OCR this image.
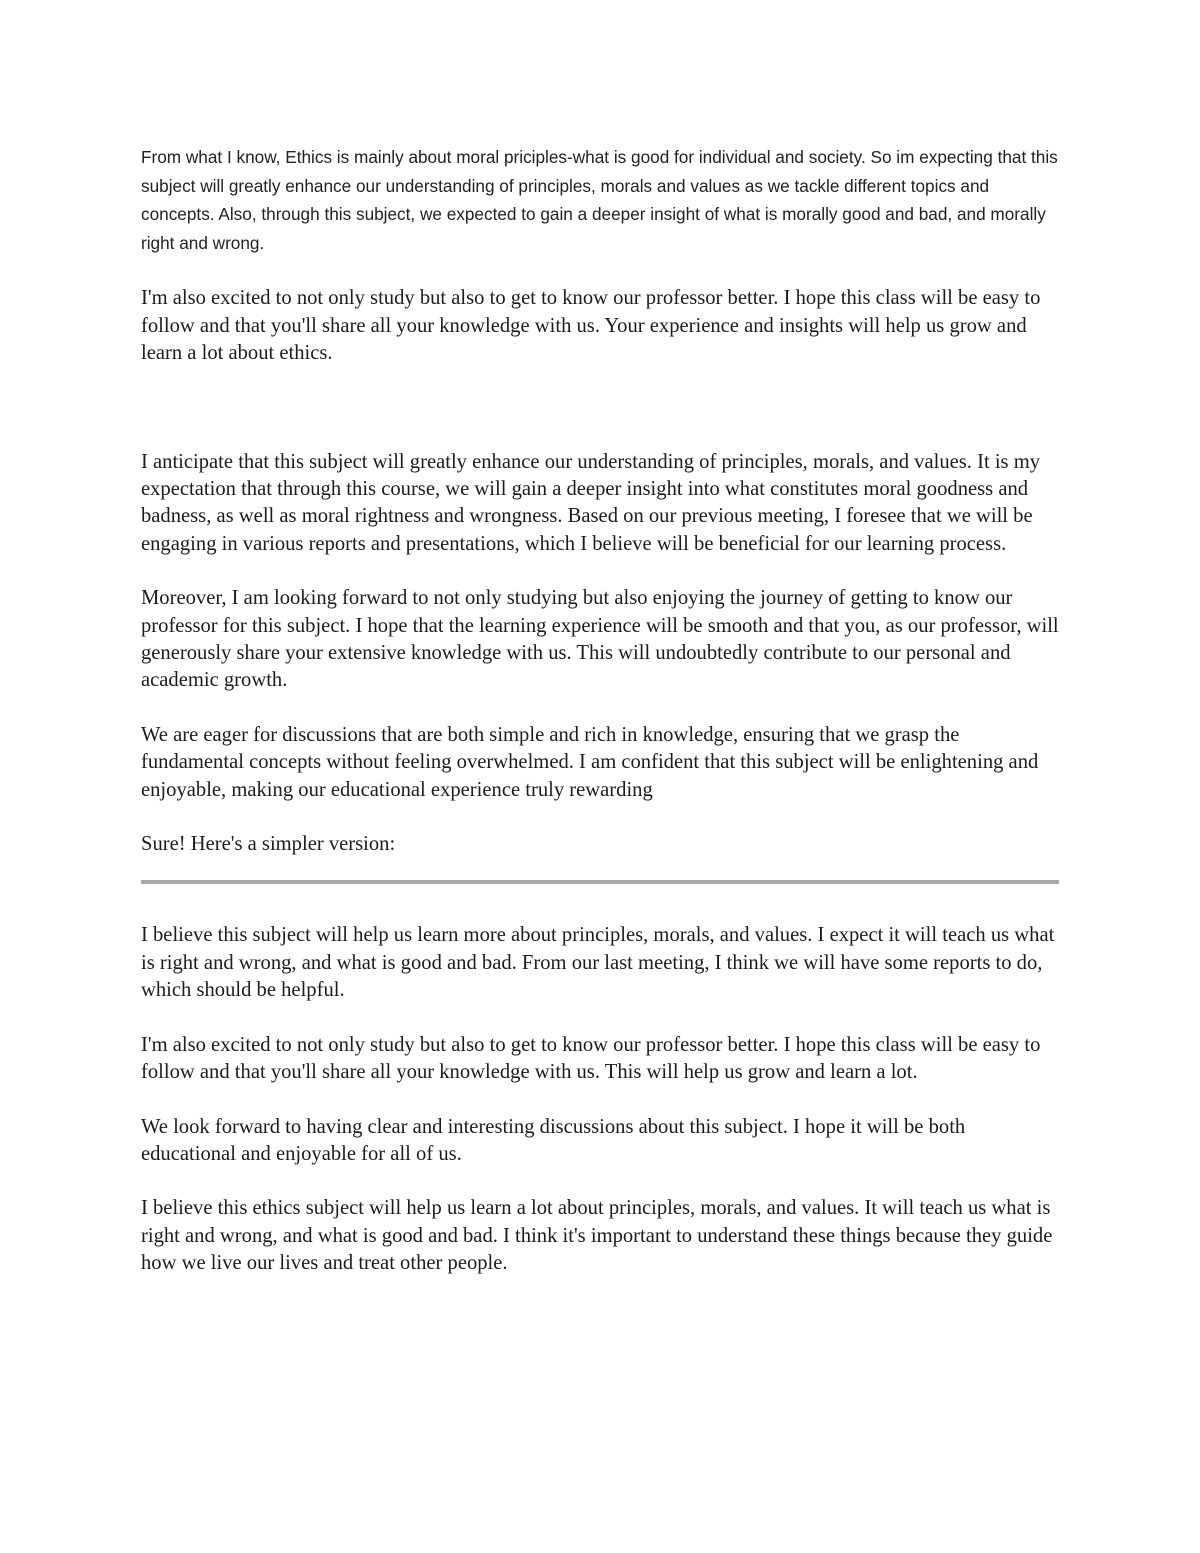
From what I know, Ethics is mainly about moral priciples-what is good for individual and society. So im expecting that this subject will greatly enhance our understanding of principles, morals and values as we tackle different topics and concepts. Also, through this subject, we expected to gain a deeper insight of what is morally good and bad, and morally right and wrong.

I'm also excited to not only study but also to get to know our professor better. I hope this class will be easy to follow and that you'll share all your knowledge with us. Your experience and insights will help us grow and learn a lot about ethics.

I anticipate that this subject will greatly enhance our understanding of principles, morals, and values. It is my expectation that through this course, we will gain a deeper insight into what constitutes moral goodness and badness, as well as moral rightness and wrongness. Based on our previous meeting, I foresee that we will be engaging in various reports and presentations, which I believe will be beneficial for our learning process.

Moreover, I am looking forward to not only studying but also enjoying the journey of getting to know our professor for this subject. I hope that the learning experience will be smooth and that you, as our professor, will generously share your extensive knowledge with us. This will undoubtedly contribute to our personal and academic growth.

We are eager for discussions that are both simple and rich in knowledge, ensuring that we grasp the fundamental concepts without feeling overwhelmed. I am confident that this subject will be enlightening and enjoyable, making our educational experience truly rewarding

Sure! Here's a simpler version:

I believe this subject will help us learn more about principles, morals, and values. I expect it will teach us what is right and wrong, and what is good and bad. From our last meeting, I think we will have some reports to do, which should be helpful.

I'm also excited to not only study but also to get to know our professor better. I hope this class will be easy to follow and that you'll share all your knowledge with us. This will help us grow and learn a lot.

We look forward to having clear and interesting discussions about this subject. I hope it will be both educational and enjoyable for all of us.

I believe this ethics subject will help us learn a lot about principles, morals, and values. It will teach us what is right and wrong, and what is good and bad. I think it's important to understand these things because they guide how we live our lives and treat other people.
